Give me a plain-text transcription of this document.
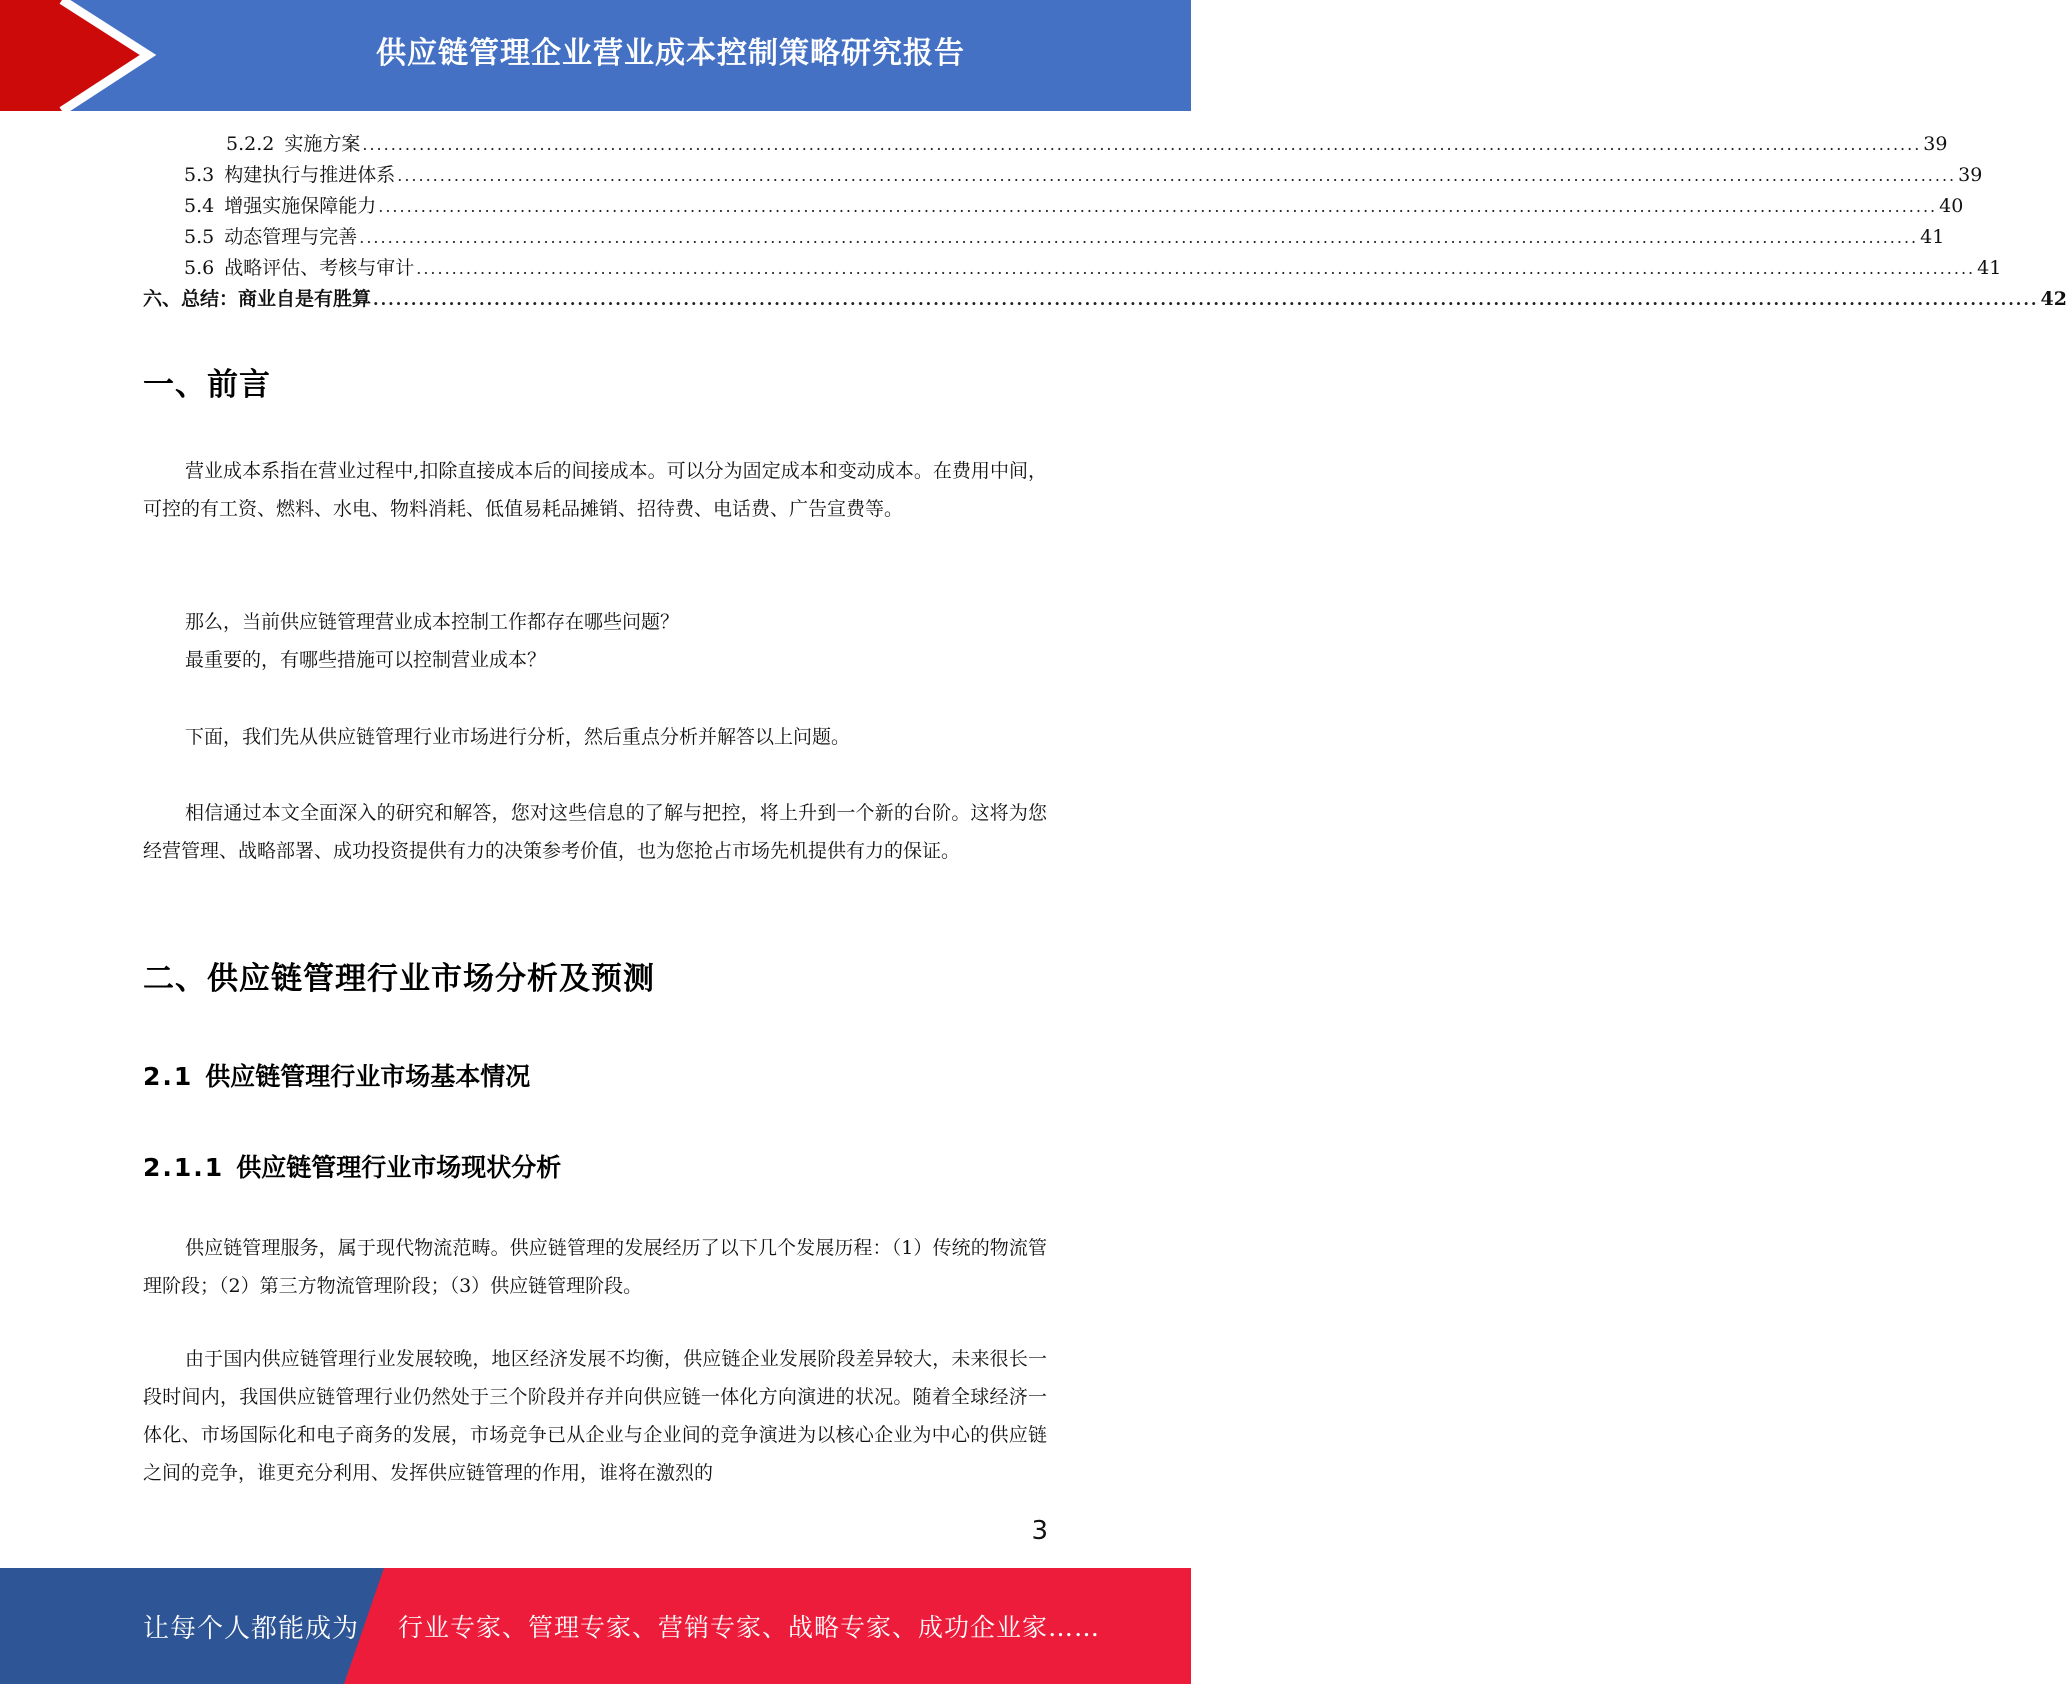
供应链管理企业营业成本控制策略研究报告
5.2.2 实施方案 ............................................................................................................................................................................................................................ 39
5.3 构建执行与推进体系 ............................................................................................................................................................................................................................ 39
5.4 增强实施保障能力 ............................................................................................................................................................................................................................ 40
5.5 动态管理与完善 ............................................................................................................................................................................................................................ 41
5.6 战略评估、考核与审计 ............................................................................................................................................................................................................................ 41
六、 总结：商业自是有胜算 ............................................................................................................................................................................................................................ 42
一、前言
营业成本系指在营业过程中,扣除直接成本后的间接成本。可以分为固定成本和变动成本。在费用中间，可控的有工资、燃料、水电、物料消耗、低值易耗品摊销、招待费、电话费、广告宣费等。
那么，当前供应链管理营业成本控制工作都存在哪些问题？
最重要的，有哪些措施可以控制营业成本？
下面，我们先从供应链管理行业市场进行分析，然后重点分析并解答以上问题。
相信通过本文全面深入的研究和解答，您对这些信息的了解与把控，将上升到一个新的台阶。这将为您经营管理、战略部署、成功投资提供有力的决策参考价值，也为您抢占市场先机提供有力的保证。
二、供应链管理行业市场分析及预测
2.1 供应链管理行业市场基本情况
2.1.1 供应链管理行业市场现状分析
供应链管理服务，属于现代物流范畴。供应链管理的发展经历了以下几个发展历程：（1）传统的物流管理阶段；（2）第三方物流管理阶段；（3）供应链管理阶段。
由于国内供应链管理行业发展较晚，地区经济发展不均衡，供应链企业发展阶段差异较大，未来很长一段时间内，我国供应链管理行业仍然处于三个阶段并存并向供应链一体化方向演进的状况。随着全球经济一体化、市场国际化和电子商务的发展，市场竞争已从企业与企业间的竞争演进为以核心企业为中心的供应链之间的竞争，谁更充分利用、发挥供应链管理的作用，谁将在激烈的
3
让每个人都能成为 行业专家、管理专家、营销专家、战略专家、成功企业家……
